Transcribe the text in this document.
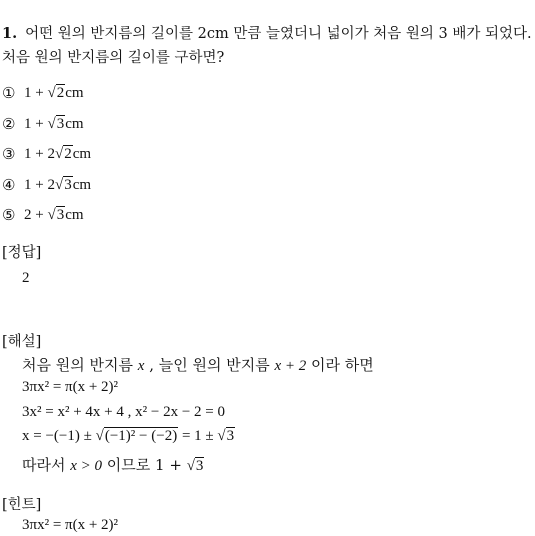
1. 어떤 원의 반지름의 길이를 2cm 만큼 늘였더니 넓이가 처음 원의 3 배가 되었다. 처음 원의 반지름의 길이를 구하면?
① 1 + √2cm
② 1 + √3cm
③ 1 + 2√2cm
④ 1 + 2√3cm
⑤ 2 + √3cm
[정답]
2
[해설]
처음 원의 반지름 x , 늘인 원의 반지름 x + 2 이라 하면
3πx² = π(x + 2)²
3x² = x² + 4x + 4 , x² − 2x − 2 = 0
x = −(−1) ± √(−1)² − (−2) = 1 ± √3
따라서 x > 0 이므로 1 + √3
[힌트]
3πx² = π(x + 2)²
